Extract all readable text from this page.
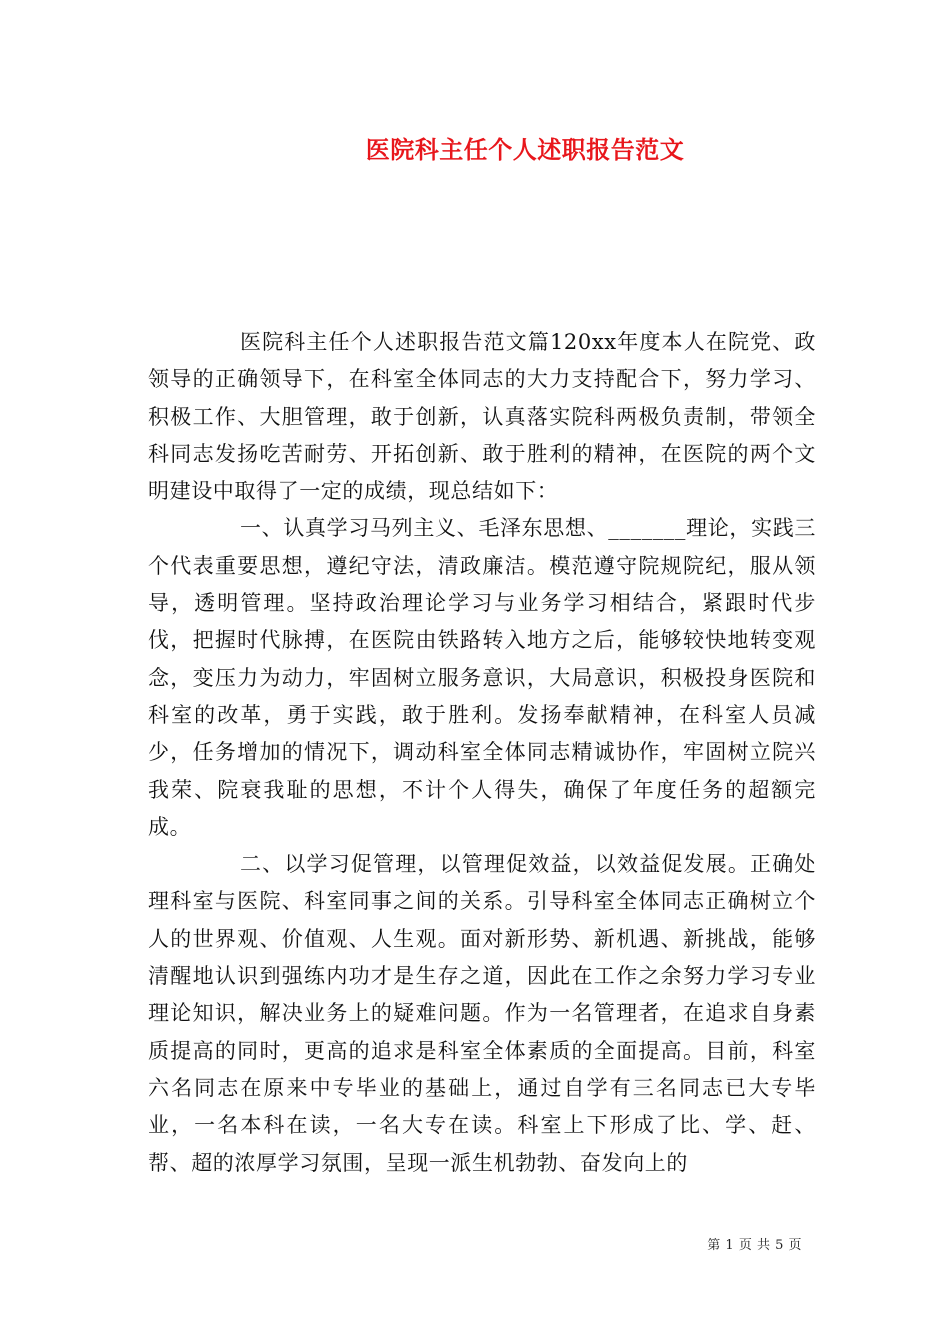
医院科主任个人述职报告范文

医院科主任个人述职报告范文篇120xx年度本人在院党、政领导的正确领导下，在科室全体同志的大力支持配合下，努力学习、积极工作、大胆管理，敢于创新，认真落实院科两极负责制，带领全科同志发扬吃苦耐劳、开拓创新、敢于胜利的精神，在医院的两个文明建设中取得了一定的成绩，现总结如下：

一、认真学习马列主义、毛泽东思想、_______理论，实践三个代表重要思想，遵纪守法，清政廉洁。模范遵守院规院纪，服从领导，透明管理。坚持政治理论学习与业务学习相结合，紧跟时代步伐，把握时代脉搏，在医院由铁路转入地方之后，能够较快地转变观念，变压力为动力，牢固树立服务意识，大局意识，积极投身医院和科室的改革，勇于实践，敢于胜利。发扬奉献精神，在科室人员减少，任务增加的情况下，调动科室全体同志精诚协作，牢固树立院兴我荣、院衰我耻的思想，不计个人得失，确保了年度任务的超额完成。

二、以学习促管理，以管理促效益，以效益促发展。正确处理科室与医院、科室同事之间的关系。引导科室全体同志正确树立个人的世界观、价值观、人生观。面对新形势、新机遇、新挑战，能够清醒地认识到强练内功才是生存之道，因此在工作之余努力学习专业理论知识，解决业务上的疑难问题。作为一名管理者，在追求自身素质提高的同时，更高的追求是科室全体素质的全面提高。目前，科室六名同志在原来中专毕业的基础上，通过自学有三名同志已大专毕业，一名本科在读，一名大专在读。科室上下形成了比、学、赶、帮、超的浓厚学习氛围，呈现一派生机勃勃、奋发向上的

第 1 页 共 5 页
